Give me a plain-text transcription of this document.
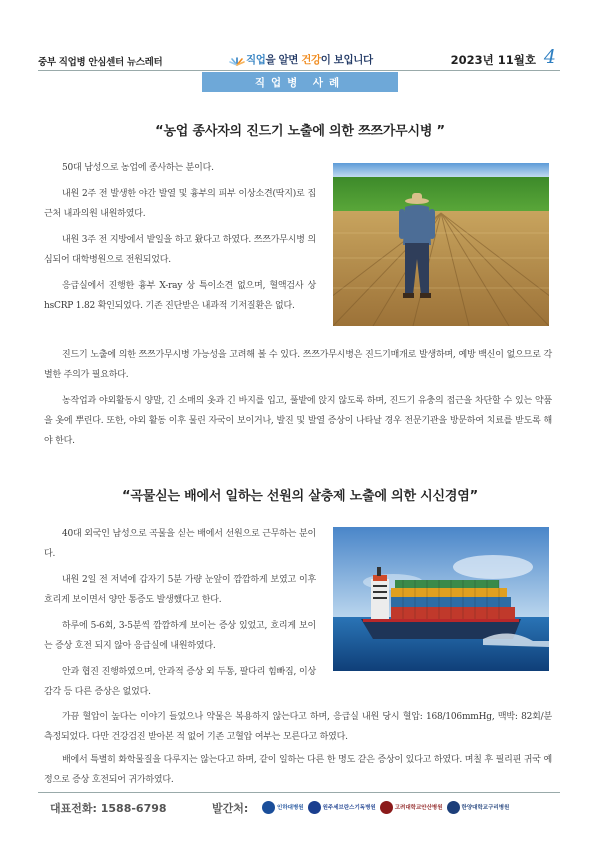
중부 직업병 안심센터 뉴스레터	직업을 알면 건강이 보입니다	2023년 11월호 4
직업병 사례
“농업 종사자의 진드기 노출에 의한 쯔쯔가무시병 ”
50대 남성으로 농업에 종사하는 분이다.
내원 2주 전 발생한 야간 발열 및 흉부의 피부 이상소견(딱지)로 집 근처 내과의원 내원하였다.
내원 3주 전 지방에서 밭일을 하고 왔다고 하였다. 쯔쯔가무시병 의심되어 대학병원으로 전원되었다.
응급실에서 진행한 흉부 X-ray 상 특이소견 없으며, 혈액검사 상 hsCRP 1.82 확인되었다. 기존 진단받은 내과적 기저질환은 없다.
진드기 노출에 의한 쯔쯔가무시병 가능성을 고려해 볼 수 있다. 쯔쯔가무시병은 진드기매개로 발생하며, 예방 백신이 없으므로 각별한 주의가 필요하다.
농작업과 야외활동시 양말, 긴 소매의 옷과 긴 바지를 입고, 풀밭에 앉지 않도록 하며, 진드기 유충의 접근을 차단할 수 있는 약품을 옷에 뿌린다. 또한, 야외 활동 이후 물린 자국이 보이거나, 발진 및 발열 증상이 나타날 경우 전문기관을 방문하여 치료를 받도록 해야 한다.
“곡물싣는 배에서 일하는 선원의 살충제 노출에 의한 시신경염”
40대 외국인 남성으로 곡물을 싣는 배에서 선원으로 근무하는 분이다.
내원 2일 전 저녁에 갑자기 5분 가량 눈앞이 깜깜하게 보였고 이후 흐리게 보이면서 양안 통증도 발생했다고 한다.
하루에 5-6회, 3-5분씩 깜깜하게 보이는 증상 있었고, 흐리게 보이는 증상 호전 되지 않아 응급실에 내원하였다.
안과 협진 진행하였으며, 안과적 증상 외 두통, 팔다리 힘빠짐, 이상 감각 등 다른 증상은 없었다.
가끔 혈압이 높다는 이야기 들었으나 약물은 복용하지 않는다고 하며, 응급실 내원 당시 혈압: 168/106mmHg, 맥박: 82회/분 측정되었다. 다만 건강검진 받아본 적 없어 기존 고혈압 여부는 모른다고 하였다.
배에서 특별히 화학물질을 다루지는 않는다고 하며, 같이 일하는 다른 한 명도 같은 증상이 있다고 하였다. 며칠 후 필리핀 귀국 예정으로 증상 호전되어 귀가하였다.
대표전화: 1588-6798	발간처:	인하대병원	원주세브란스기독병원	고려대학교안산병원	한양대학교구리병원
